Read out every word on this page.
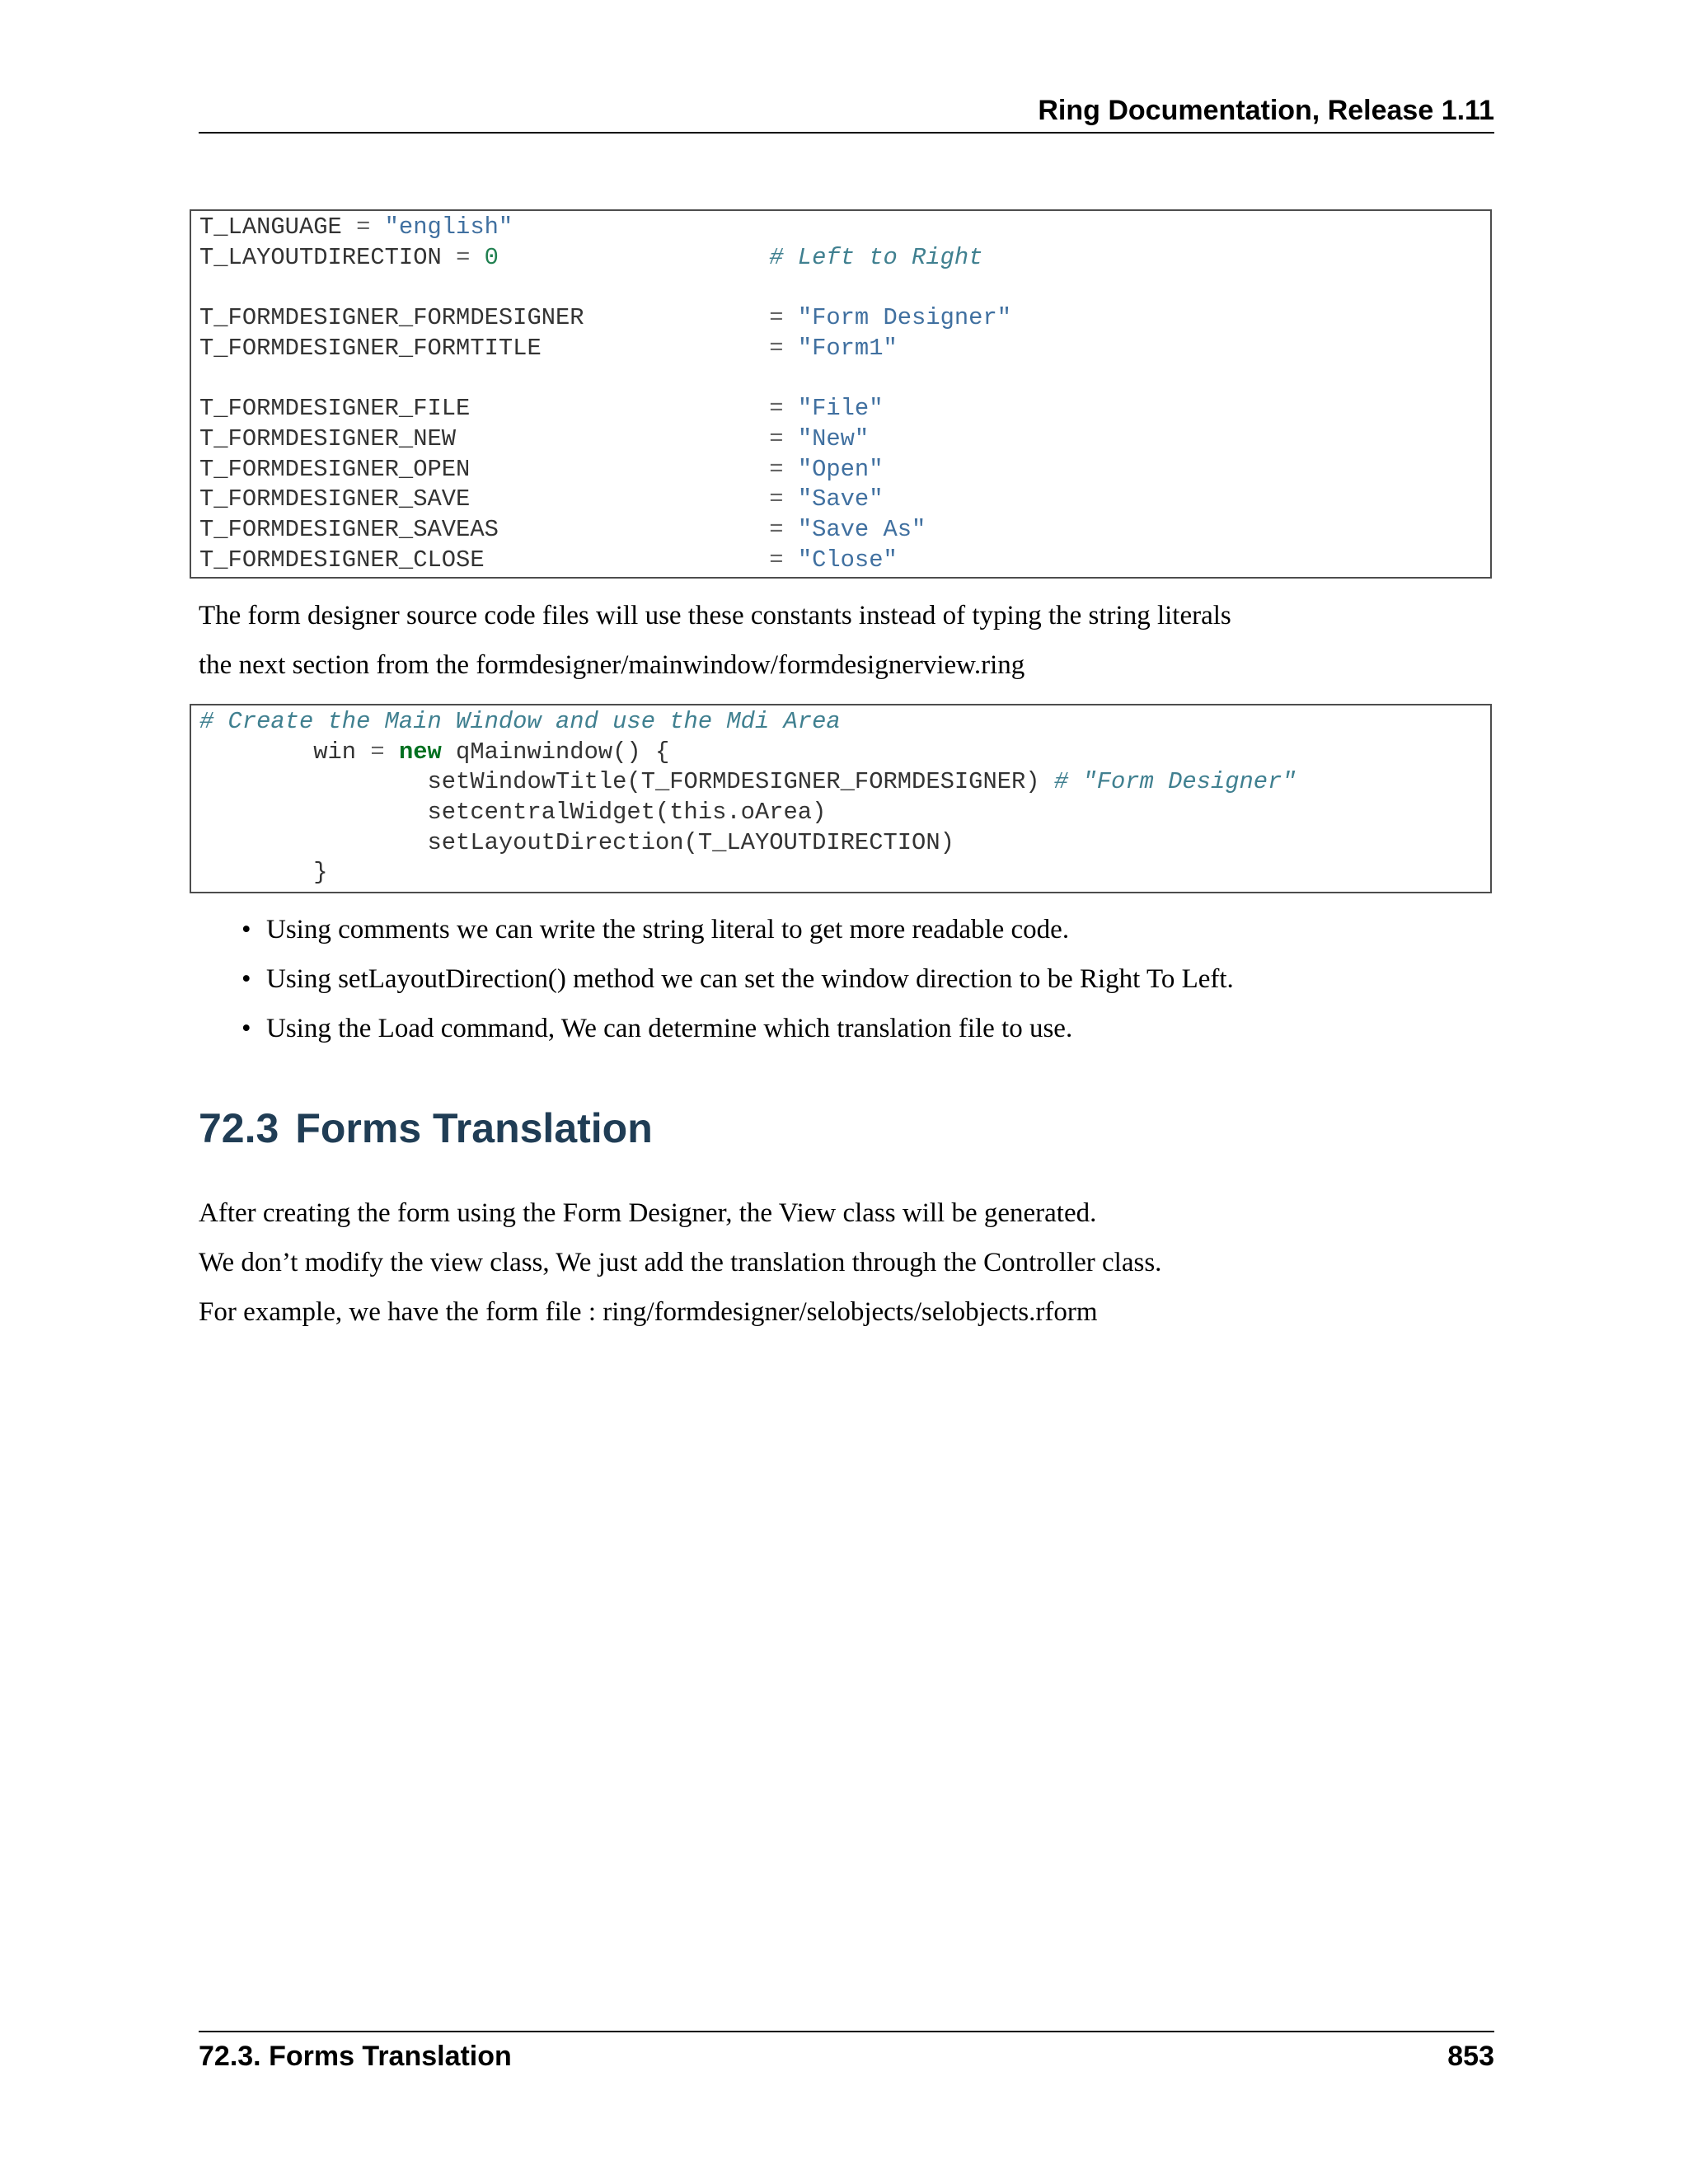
Ring Documentation, Release 1.11
T_LANGUAGE = "english"
T_LAYOUTDIRECTION = 0	# Left to Right
T_FORMDESIGNER_FORMDESIGNER	= "Form Designer"
T_FORMDESIGNER_FORMTITLE	= "Form1"
T_FORMDESIGNER_FILE	= "File"
T_FORMDESIGNER_NEW	= "New"
T_FORMDESIGNER_OPEN	= "Open"
T_FORMDESIGNER_SAVE	= "Save"
T_FORMDESIGNER_SAVEAS	= "Save As"
T_FORMDESIGNER_CLOSE	= "Close"

The form designer source code files will use these constants instead of typing the string literals

the next section from the formdesigner/mainwindow/formdesignerview.ring

# Create the Main Window and use the Mdi Area
win = new qMainwindow() {
setWindowTitle(T_FORMDESIGNER_FORMDESIGNER) # "Form Designer"
setcentralWidget(this.oArea)
setLayoutDirection(T_LAYOUTDIRECTION)
}
• Using comments we can write the string literal to get more readable code.
• Using setLayoutDirection() method we can set the window direction to be Right To Left.
• Using the Load command, We can determine which translation file to use.
72.3 Forms Translation

After creating the form using the Form Designer, the View class will be generated.

We don’t modify the view class, We just add the translation through the Controller class.

For example, we have the form file : ring/formdesigner/selobjects/selobjects.rform

72.3. Forms Translation	853
